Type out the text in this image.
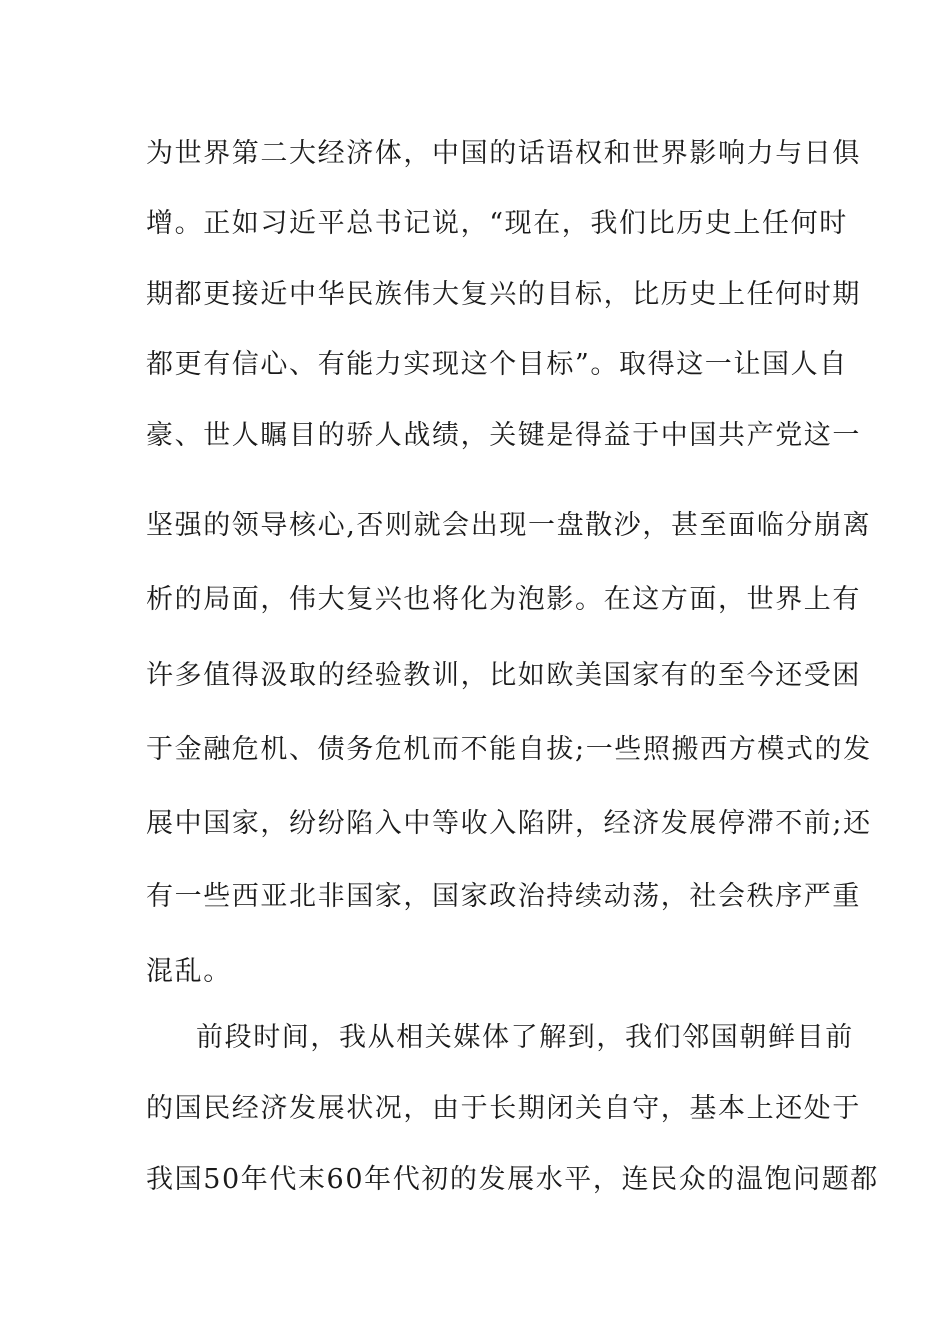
为世界第二大经济体，中国的话语权和世界影响力与日俱
增。正如习近平总书记说，“现在，我们比历史上任何时
期都更接近中华民族伟大复兴的目标，比历史上任何时期
都更有信心、有能力实现这个目标”。取得这一让国人自
豪、世人瞩目的骄人战绩，关键是得益于中国共产党这一
坚强的领导核心,否则就会出现一盘散沙，甚至面临分崩离
析的局面，伟大复兴也将化为泡影。在这方面，世界上有
许多值得汲取的经验教训，比如欧美国家有的至今还受困
于金融危机、债务危机而不能自拔;一些照搬西方模式的发
展中国家，纷纷陷入中等收入陷阱，经济发展停滞不前;还
有一些西亚北非国家，国家政治持续动荡，社会秩序严重
混乱。
前段时间，我从相关媒体了解到，我们邻国朝鲜目前
的国民经济发展状况，由于长期闭关自守，基本上还处于
我国50年代末60年代初的发展水平，连民众的温饱问题都
